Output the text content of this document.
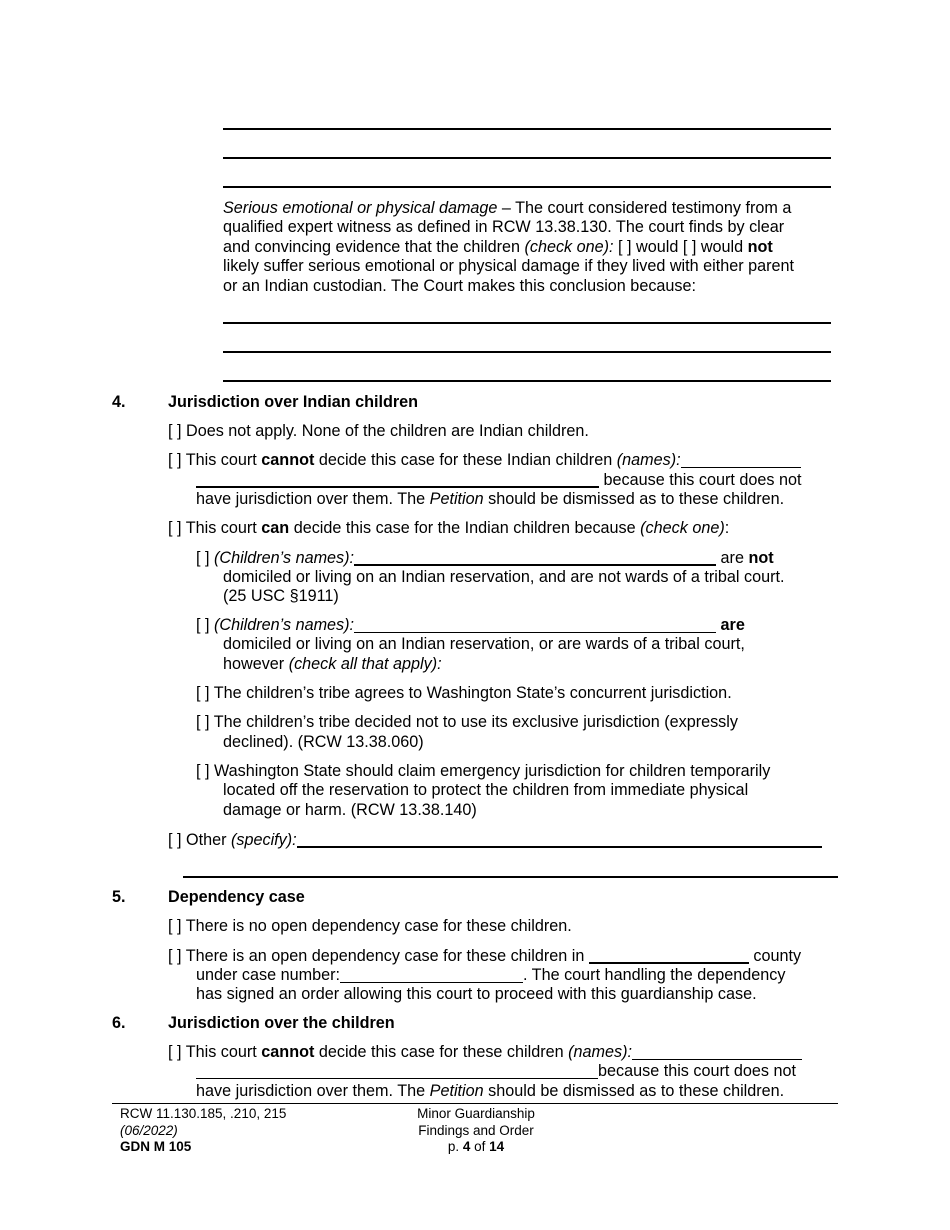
Serious emotional or physical damage – The court considered testimony from a
qualified expert witness as defined in RCW 13.38.130. The court finds by clear
and convincing evidence that the children (check one): [ ] would [ ] would not
likely suffer serious emotional or physical damage if they lived with either parent
or an Indian custodian. The Court makes this conclusion because:
4.	Jurisdiction over Indian children
[ ] Does not apply. None of the children are Indian children.
[ ] This court cannot decide this case for these Indian children (names):
because this court does not
have jurisdiction over them. The Petition should be dismissed as to these children.
[ ] This court can decide this case for the Indian children because (check one):
[ ] (Children’s names):	are not
domiciled or living on an Indian reservation, and are not wards of a tribal court.
(25 USC §1911)
[ ] (Children’s names):	are
domiciled or living on an Indian reservation, or are wards of a tribal court,
however (check all that apply):
[ ] The children’s tribe agrees to Washington State’s concurrent jurisdiction.
[ ] The children’s tribe decided not to use its exclusive jurisdiction (expressly
declined). (RCW 13.38.060)
[ ] Washington State should claim emergency jurisdiction for children temporarily
located off the reservation to protect the children from immediate physical
damage or harm. (RCW 13.38.140)
[ ] Other (specify):
5.	Dependency case
[ ] There is no open dependency case for these children.
[ ] There is an open dependency case for these children in	county
under case number:	. The court handling the dependency
has signed an order allowing this court to proceed with this guardianship case.
6.	Jurisdiction over the children
[ ] This court cannot decide this case for these children (names):
because this court does not
have jurisdiction over them. The Petition should be dismissed as to these children.
RCW 11.130.185, .210, 215
(06/2022)
GDN M 105
Minor Guardianship
Findings and Order
p. 4 of 14
